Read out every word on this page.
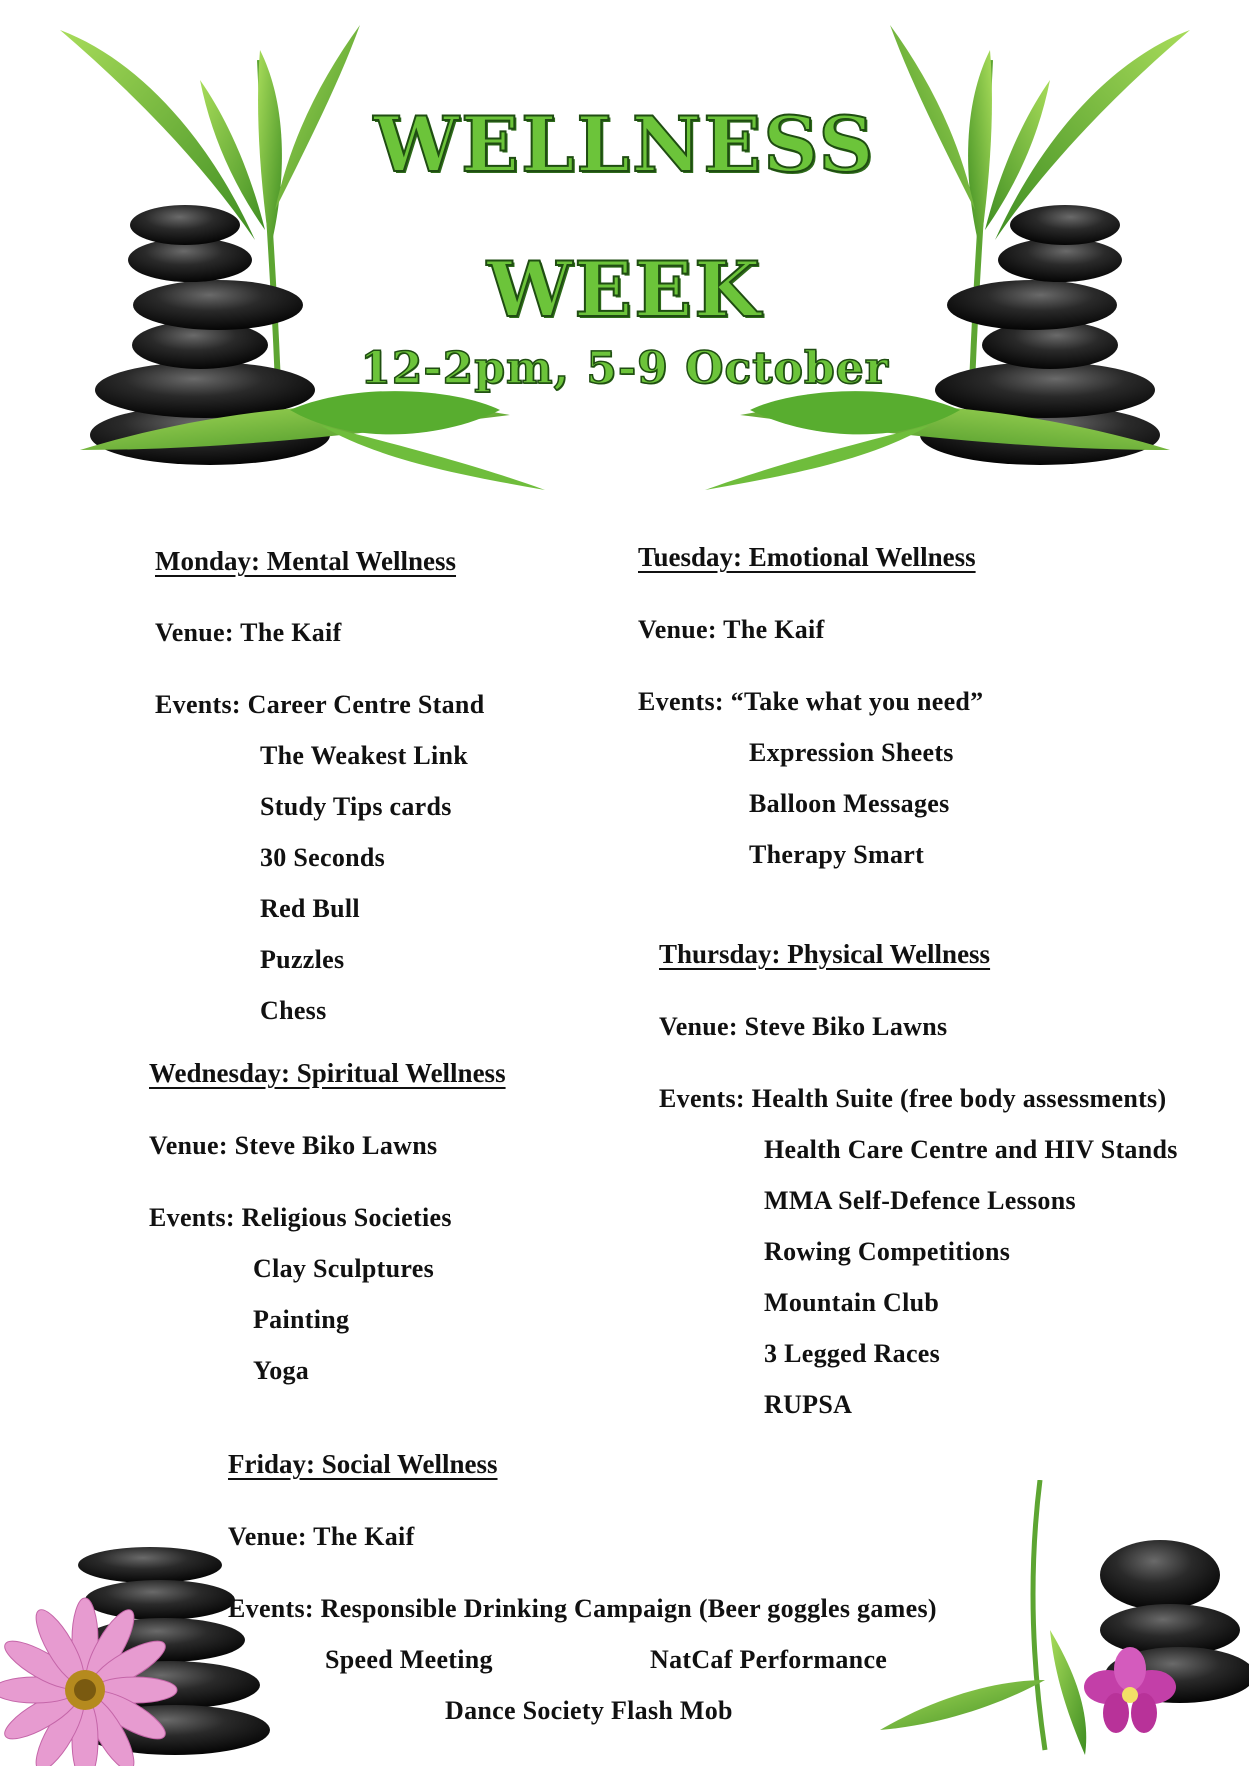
WELLNESS
WEEK
12-2pm, 5-9 October
Monday: Mental Wellness
Venue: The Kaif
Events: Career Centre Stand
The Weakest Link
Study Tips cards
30 Seconds
Red Bull
Puzzles
Chess
Tuesday: Emotional Wellness
Venue: The Kaif
Events: “Take what you need”
Expression Sheets
Balloon Messages
Therapy Smart
Wednesday: Spiritual Wellness
Venue: Steve Biko Lawns
Events: Religious Societies
Clay Sculptures
Painting
Yoga
Thursday: Physical Wellness
Venue: Steve Biko Lawns
Events: Health Suite (free body assessments)
Health Care Centre and HIV Stands
MMA Self-Defence Lessons
Rowing Competitions
Mountain Club
3 Legged Races
RUPSA
Friday: Social Wellness
Venue: The Kaif
Events: Responsible Drinking Campaign (Beer goggles games)
Speed Meeting	NatCaf Performance
Dance Society Flash Mob
